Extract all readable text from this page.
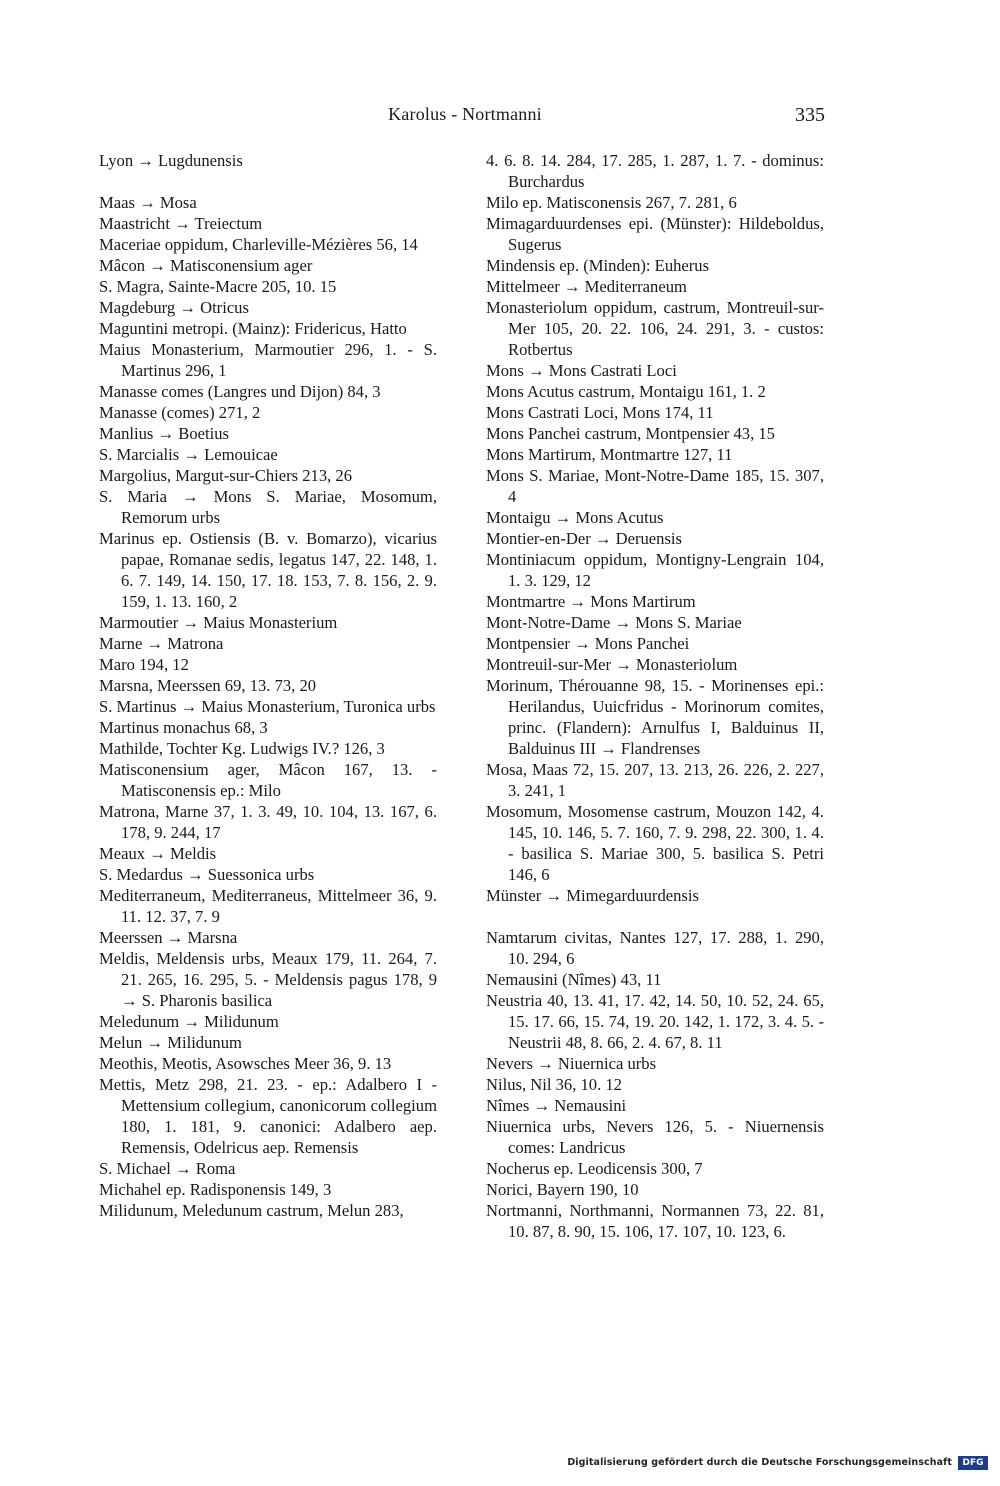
Karolus - Nortmanni	335
Lyon → Lugdunensis
Maas → Mosa
Maastricht → Treiectum
Maceriae oppidum, Charleville-Mézières 56, 14
Mâcon → Matisconensium ager
S. Magra, Sainte-Macre 205, 10. 15
Magdeburg → Otricus
Maguntini metropi. (Mainz): Fridericus, Hatto
Maius Monasterium, Marmoutier 296, 1. - S. Martinus 296, 1
Manasse comes (Langres und Dijon) 84, 3
Manasse (comes) 271, 2
Manlius → Boetius
S. Marcialis → Lemouicae
Margolius, Margut-sur-Chiers 213, 26
S. Maria → Mons S. Mariae, Mosomum, Remorum urbs
Marinus ep. Ostiensis (B. v. Bomarzo), vicarius papae, Romanae sedis, legatus 147, 22. 148, 1. 6. 7. 149, 14. 150, 17. 18. 153, 7. 8. 156, 2. 9. 159, 1. 13. 160, 2
Marmoutier → Maius Monasterium
Marne → Matrona
Maro 194, 12
Marsna, Meerssen 69, 13. 73, 20
S. Martinus → Maius Monasterium, Turonica urbs
Martinus monachus 68, 3
Mathilde, Tochter Kg. Ludwigs IV.? 126, 3
Matisconensium ager, Mâcon 167, 13. - Matisconensis ep.: Milo
Matrona, Marne 37, 1. 3. 49, 10. 104, 13. 167, 6. 178, 9. 244, 17
Meaux → Meldis
S. Medardus → Suessonica urbs
Mediterraneum, Mediterraneus, Mittelmeer 36, 9. 11. 12. 37, 7. 9
Meerssen → Marsna
Meldis, Meldensis urbs, Meaux 179, 11. 264, 7. 21. 265, 16. 295, 5. - Meldensis pagus 178, 9 → S. Pharonis basilica
Meledunum → Milidunum
Melun → Milidunum
Meothis, Meotis, Asowsches Meer 36, 9. 13
Mettis, Metz 298, 21. 23. - ep.: Adalbero I - Mettensium collegium, canonicorum collegium 180, 1. 181, 9. canonici: Adalbero aep. Remensis, Odelricus aep. Remensis
S. Michael → Roma
Michahel ep. Radisponensis 149, 3
Milidunum, Meledunum castrum, Melun 283,
4. 6. 8. 14. 284, 17. 285, 1. 287, 1. 7. - dominus: Burchardus
Milo ep. Matisconensis 267, 7. 281, 6
Mimagarduurdenses epi. (Münster): Hildeboldus, Sugerus
Mindensis ep. (Minden): Euherus
Mittelmeer → Mediterraneum
Monasteriolum oppidum, castrum, Montreuil-sur-Mer 105, 20. 22. 106, 24. 291, 3. - custos: Rotbertus
Mons → Mons Castrati Loci
Mons Acutus castrum, Montaigu 161, 1. 2
Mons Castrati Loci, Mons 174, 11
Mons Panchei castrum, Montpensier 43, 15
Mons Martirum, Montmartre 127, 11
Mons S. Mariae, Mont-Notre-Dame 185, 15. 307, 4
Montaigu → Mons Acutus
Montier-en-Der → Deruensis
Montiniacum oppidum, Montigny-Lengrain 104, 1. 3. 129, 12
Montmartre → Mons Martirum
Mont-Notre-Dame → Mons S. Mariae
Montpensier → Mons Panchei
Montreuil-sur-Mer → Monasteriolum
Morinum, Thérouanne 98, 15. - Morinenses epi.: Herilandus, Uuicfridus - Morinorum comites, princ. (Flandern): Arnulfus I, Balduinus II, Balduinus III → Flandrenses
Mosa, Maas 72, 15. 207, 13. 213, 26. 226, 2. 227, 3. 241, 1
Mosomum, Mosomense castrum, Mouzon 142, 4. 145, 10. 146, 5. 7. 160, 7. 9. 298, 22. 300, 1. 4. - basilica S. Mariae 300, 5. basilica S. Petri 146, 6
Münster → Mimegarduurdensis
Namtarum civitas, Nantes 127, 17. 288, 1. 290, 10. 294, 6
Nemausini (Nîmes) 43, 11
Neustria 40, 13. 41, 17. 42, 14. 50, 10. 52, 24. 65, 15. 17. 66, 15. 74, 19. 20. 142, 1. 172, 3. 4. 5. - Neustrii 48, 8. 66, 2. 4. 67, 8. 11
Nevers → Niuernica urbs
Nilus, Nil 36, 10. 12
Nîmes → Nemausini
Niuernica urbs, Nevers 126, 5. - Niuernensis comes: Landricus
Nocherus ep. Leodicensis 300, 7
Norici, Bayern 190, 10
Nortmanni, Northmanni, Normannen 73, 22. 81, 10. 87, 8. 90, 15. 106, 17. 107, 10. 123, 6.
Digitalisierung gefördert durch die Deutsche Forschungsgemeinschaft	DFG
